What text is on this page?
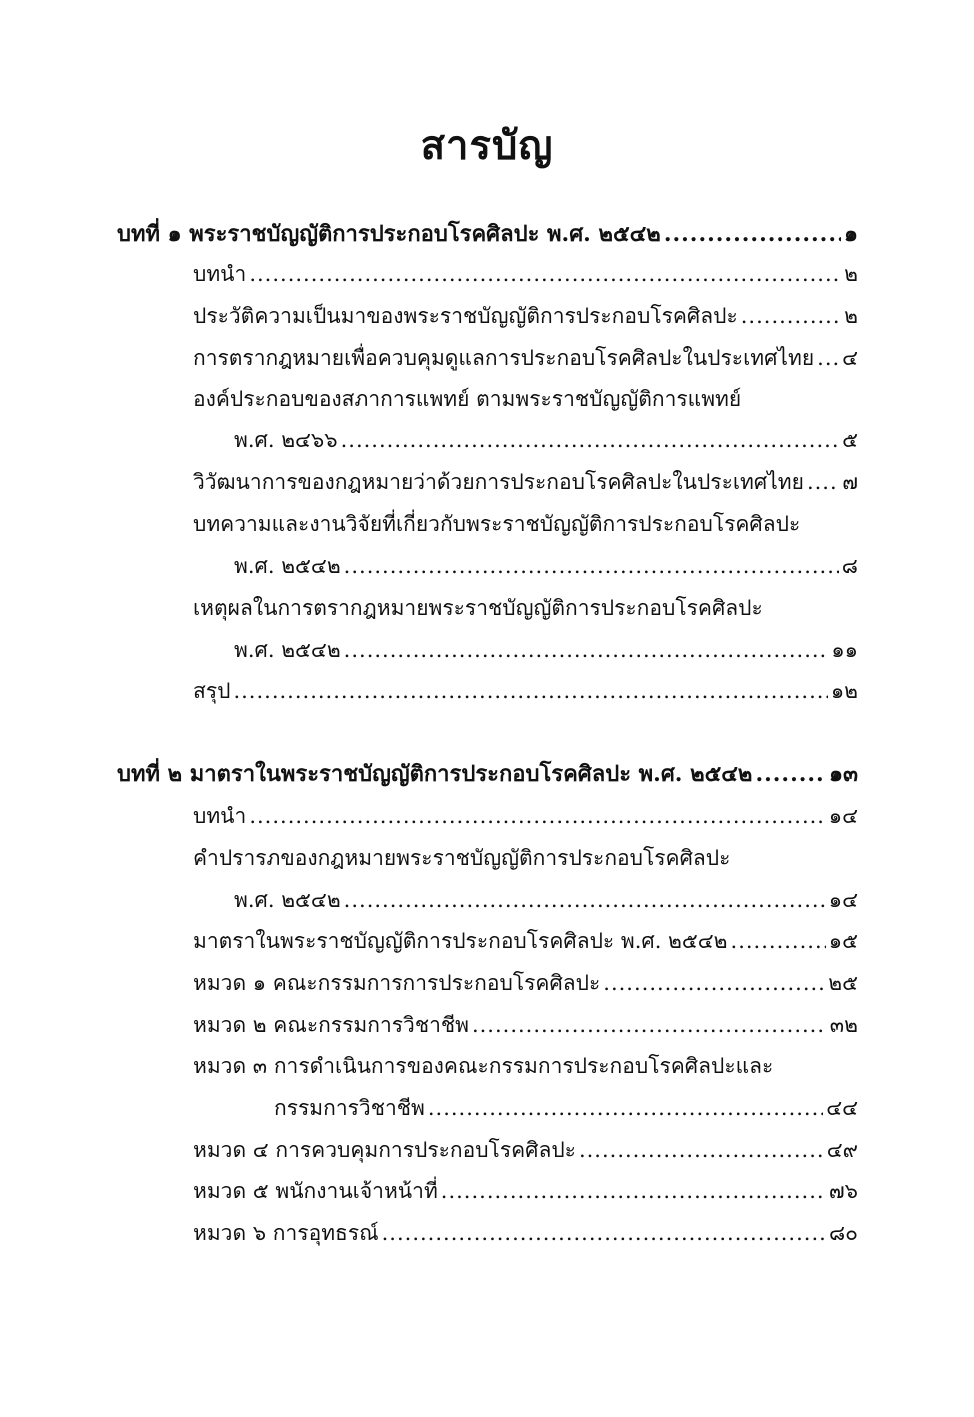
สารบัญ
บทที่ ๑ พระราชบัญญัติการประกอบโรคศิลปะ พ.ศ. ๒๕๔๒ .....	๑
บทนำ .....	๒
ประวัติความเป็นมาของพระราชบัญญัติการประกอบโรคศิลปะ .....	๒
การตรากฎหมายเพื่อควบคุมดูแลการประกอบโรคศิลปะในประเทศไทย ..... ๔
องค์ประกอบของสภาการแพทย์ ตามพระราชบัญญัติการแพทย์
พ.ศ. ๒๔๖๖ .....	๕
วิวัฒนาการของกฎหมายว่าด้วยการประกอบโรคศิลปะในประเทศไทย ..... ๗
บทความและงานวิจัยที่เกี่ยวกับพระราชบัญญัติการประกอบโรคศิลปะ
พ.ศ. ๒๕๔๒ .....	๘
เหตุผลในการตรากฎหมายพระราชบัญญัติการประกอบโรคศิลปะ
พ.ศ. ๒๕๔๒ .....	๑๑
สรุป .....	๑๒
บทที่ ๒ มาตราในพระราชบัญญัติการประกอบโรคศิลปะ พ.ศ. ๒๕๔๒ .....	๑๓
บทนำ .....	๑๔
คำปรารภของกฎหมายพระราชบัญญัติการประกอบโรคศิลปะ
พ.ศ. ๒๕๔๒ .....	๑๔
มาตราในพระราชบัญญัติการประกอบโรคศิลปะ พ.ศ. ๒๕๔๒ .....	๑๕
หมวด ๑ คณะกรรมการการประกอบโรคศิลปะ .....	๒๕
หมวด ๒ คณะกรรมการวิชาชีพ .....	๓๒
หมวด ๓ การดำเนินการของคณะกรรมการประกอบโรคศิลปะและ
กรรมการวิชาชีพ .....	๔๔
หมวด ๔ การควบคุมการประกอบโรคศิลปะ .....	๔๙
หมวด ๕ พนักงานเจ้าหน้าที่ .....	๗๖
หมวด ๖ การอุทธรณ์ .....	๘๐
